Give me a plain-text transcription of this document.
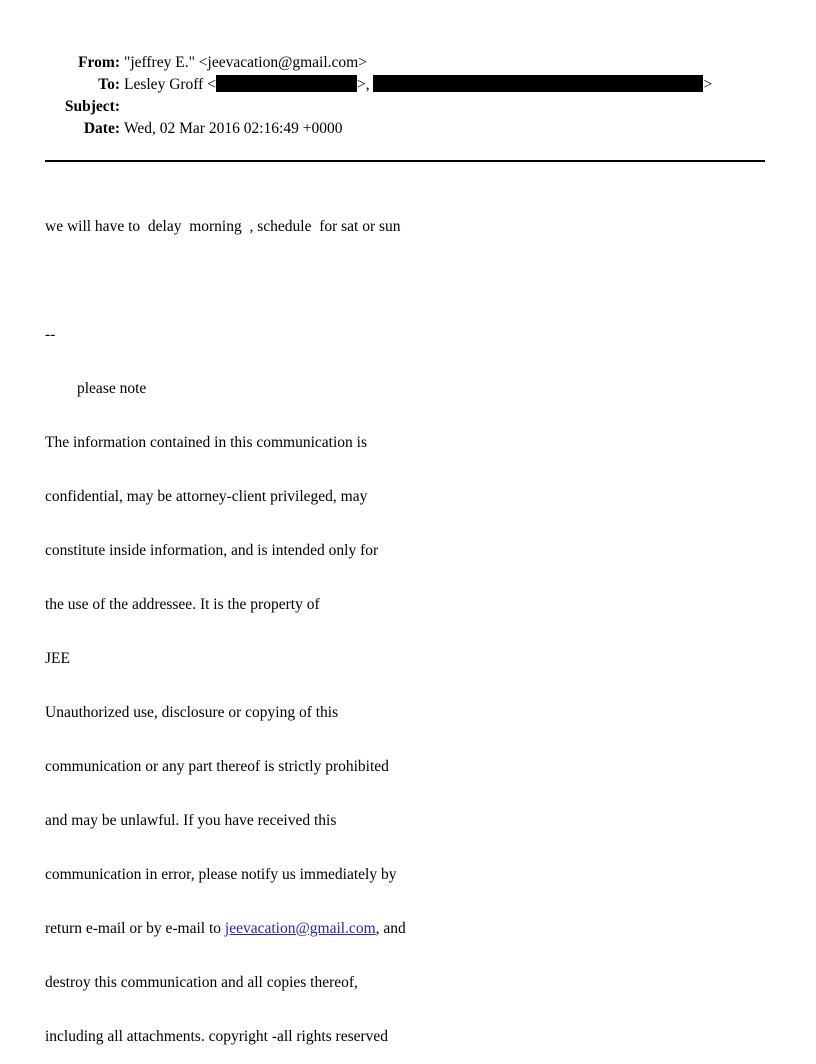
From: "jeffrey E." <jeevacation@gmail.com>
To: Lesley Groff <	>,	>
Subject:
Date: Wed, 02 Mar 2016 02:16:49 +0000

we will have to  delay  morning  , schedule  for sat or sun

--

please note

The information contained in this communication is

confidential, may be attorney-client privileged, may

constitute inside information, and is intended only for

the use of the addressee. It is the property of

JEE

Unauthorized use, disclosure or copying of this

communication or any part thereof is strictly prohibited

and may be unlawful. If you have received this

communication in error, please notify us immediately by

return e-mail or by e-mail to jeevacation@gmail.com, and

destroy this communication and all copies thereof,

including all attachments. copyright -all rights reserved
